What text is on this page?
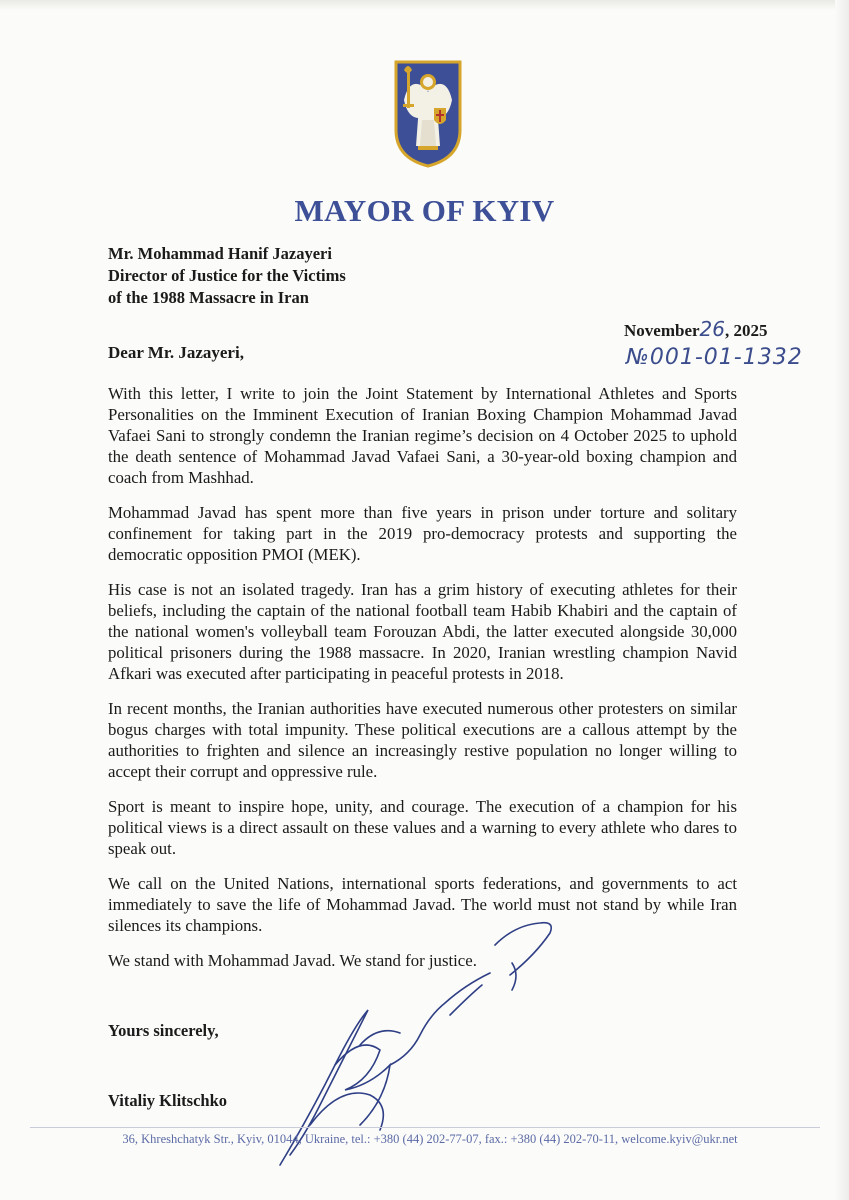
MAYOR OF KYIV
Mr. Mohammad Hanif Jazayeri
Director of Justice for the Victims
of the 1988 Massacre in Iran
November26, 2025
№001-01-1332
Dear Mr. Jazayeri,

With this letter, I write to join the Joint Statement by International Athletes and Sports Personalities on the Imminent Execution of Iranian Boxing Champion Mohammad Javad Vafaei Sani to strongly condemn the Iranian regime’s decision on 4 October 2025 to uphold the death sentence of Mohammad Javad Vafaei Sani, a 30-year-old boxing champion and coach from Mashhad.

Mohammad Javad has spent more than five years in prison under torture and solitary confinement for taking part in the 2019 pro-democracy protests and supporting the democratic opposition PMOI (MEK).

His case is not an isolated tragedy. Iran has a grim history of executing athletes for their beliefs, including the captain of the national football team Habib Khabiri and the captain of the national women's volleyball team Forouzan Abdi, the latter executed alongside 30,000 political prisoners during the 1988 massacre. In 2020, Iranian wrestling champion Navid Afkari was executed after participating in peaceful protests in 2018.

In recent months, the Iranian authorities have executed numerous other protesters on similar bogus charges with total impunity. These political executions are a callous attempt by the authorities to frighten and silence an increasingly restive population no longer willing to accept their corrupt and oppressive rule.

Sport is meant to inspire hope, unity, and courage. The execution of a champion for his political views is a direct assault on these values and a warning to every athlete who dares to speak out.

We call on the United Nations, international sports federations, and governments to act immediately to save the life of Mohammad Javad. The world must not stand by while Iran silences its champions.

We stand with Mohammad Javad. We stand for justice.

Yours sincerely,
Vitaliy Klitschko
36, Khreshchatyk Str., Kyiv, 01044, Ukraine, tel.: +380 (44) 202-77-07, fax.: +380 (44) 202-70-11, welcome.kyiv@ukr.net
